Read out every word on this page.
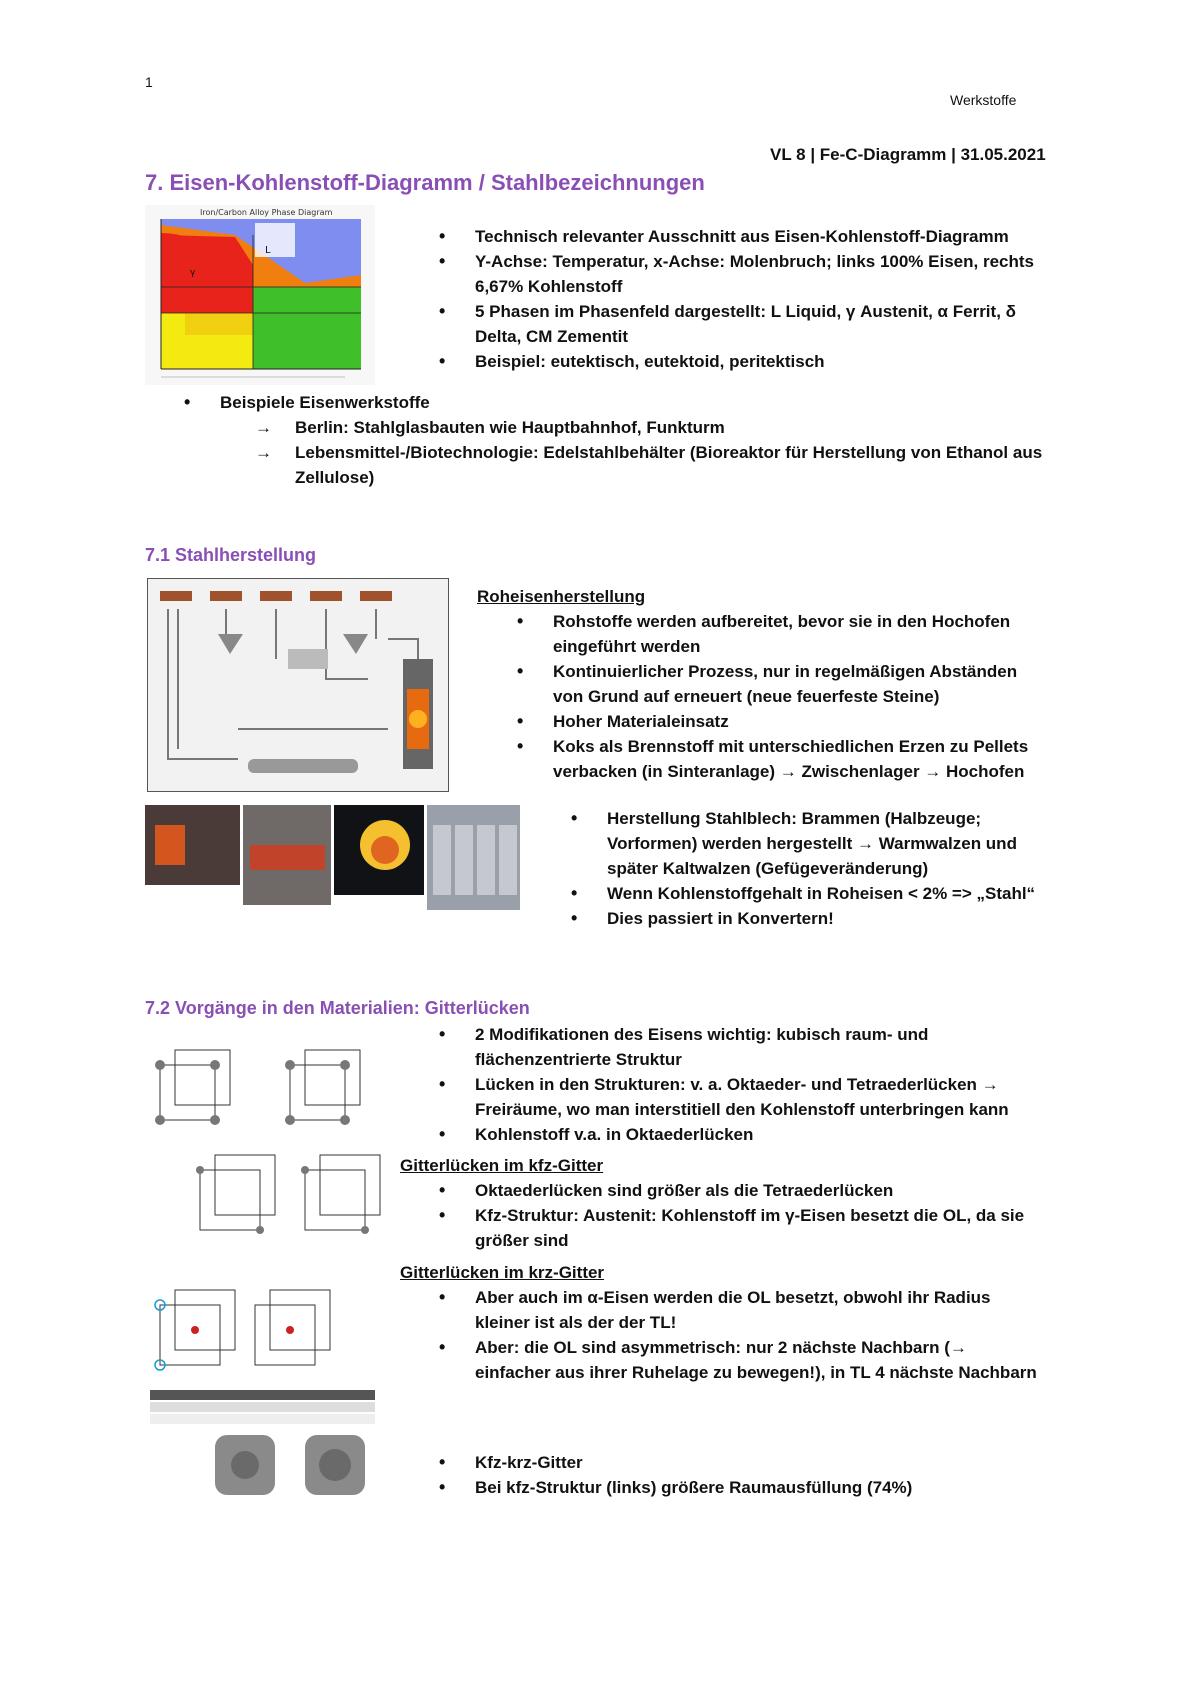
1
Werkstoffe
VL 8 | Fe-C-Diagramm | 31.05.2021
7. Eisen-Kohlenstoff-Diagramm / Stahlbezeichnungen
Iron/Carbon Alloy Phase Diagram
L
γ
• Technisch relevanter Ausschnitt aus Eisen-Kohlenstoff-Diagramm
• Y-Achse: Temperatur, x-Achse: Molenbruch; links 100% Eisen, rechts 6,67% Kohlenstoff
• 5 Phasen im Phasenfeld dargestellt: L Liquid, γ Austenit, α Ferrit, δ Delta, CM Zementit
• Beispiel: eutektisch, eutektoid, peritektisch
• Beispiele Eisenwerkstoffe
→ Berlin: Stahlglasbauten wie Hauptbahnhof, Funkturm
→ Lebensmittel-/Biotechnologie: Edelstahlbehälter (Bioreaktor für Herstellung von Ethanol aus Zellulose)
7.1 Stahlherstellung
Roheisenherstellung
• Rohstoffe werden aufbereitet, bevor sie in den Hochofen eingeführt werden
• Kontinuierlicher Prozess, nur in regelmäßigen Abständen von Grund auf erneuert (neue feuerfeste Steine)
• Hoher Materialeinsatz
• Koks als Brennstoff mit unterschiedlichen Erzen zu Pellets verbacken (in Sinteranlage) → Zwischenlager → Hochofen
• Herstellung Stahlblech: Brammen (Halbzeuge; Vorformen) werden hergestellt → Warmwalzen und später Kaltwalzen (Gefügeveränderung)
• Wenn Kohlenstoffgehalt in Roheisen < 2% => „Stahl“
• Dies passiert in Konvertern!
7.2 Vorgänge in den Materialien: Gitterlücken
• 2 Modifikationen des Eisens wichtig: kubisch raum- und flächenzentrierte Struktur
• Lücken in den Strukturen: v. a. Oktaeder- und Tetraederlücken → Freiräume, wo man interstitiell den Kohlenstoff unterbringen kann
• Kohlenstoff v.a. in Oktaederlücken
Gitterlücken im kfz-Gitter
• Oktaederlücken sind größer als die Tetraederlücken
• Kfz-Struktur: Austenit: Kohlenstoff im γ-Eisen besetzt die OL, da sie größer sind
Gitterlücken im krz-Gitter
• Aber auch im α-Eisen werden die OL besetzt, obwohl ihr Radius kleiner ist als der der TL!
• Aber: die OL sind asymmetrisch: nur 2 nächste Nachbarn (→ einfacher aus ihrer Ruhelage zu bewegen!), in TL 4 nächste Nachbarn
• Kfz-krz-Gitter
• Bei kfz-Struktur (links) größere Raumausfüllung (74%)
